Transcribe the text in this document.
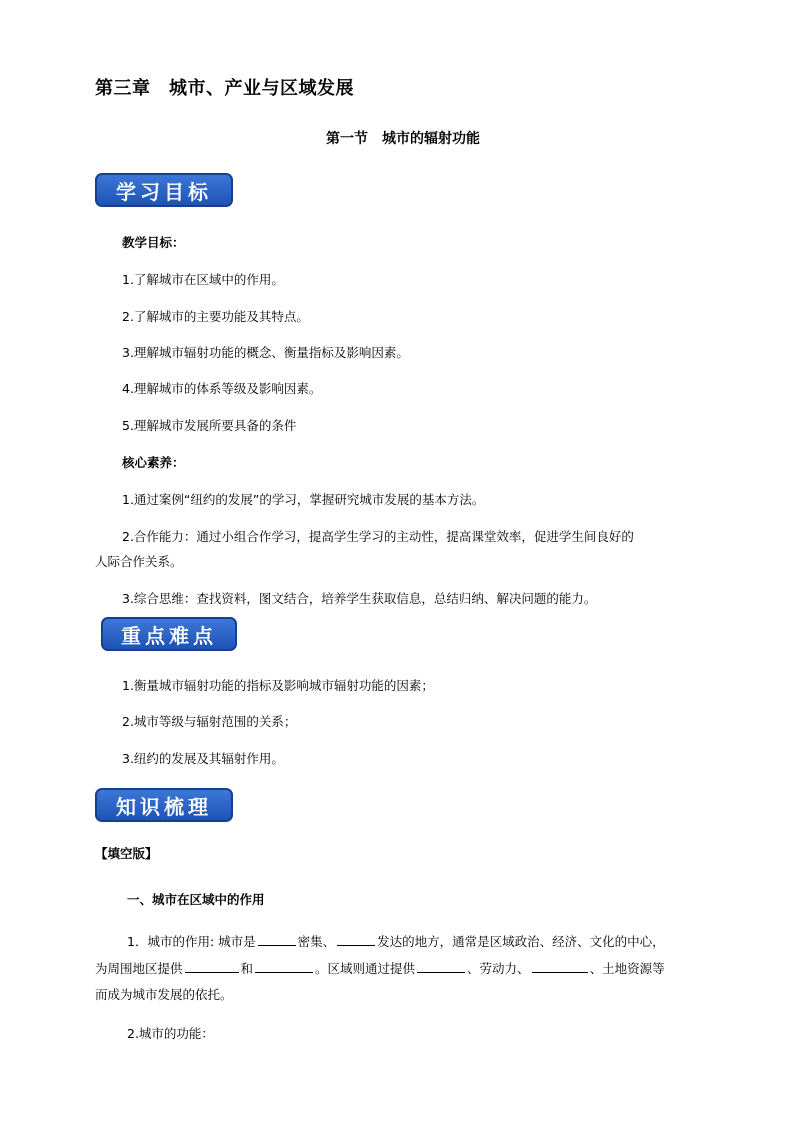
第三章　城市、产业与区域发展
第一节　城市的辐射功能
学习目标
教学目标：
1.了解城市在区域中的作用。
2.了解城市的主要功能及其特点。
3.理解城市辐射功能的概念、衡量指标及影响因素。
4.理解城市的体系等级及影响因素。
5.理解城市发展所要具备的条件
核心素养：
1.通过案例“纽约的发展”的学习，掌握研究城市发展的基本方法。
2.合作能力：通过小组合作学习，提高学生学习的主动性，提高课堂效率，促进学生间良好的
人际合作关系。
3.综合思维：查找资料，图文结合，培养学生获取信息，总结归纳、解决问题的能力。
重点难点
1.衡量城市辐射功能的指标及影响城市辐射功能的因素；
2.城市等级与辐射范围的关系；
3.纽约的发展及其辐射作用。
知识梳理
【填空版】
一、城市在区域中的作用
1．城市的作用: 城市是	密集、	发达的地方，通常是区域政治、经济、文化的中心，
为周围地区提供	和	。区域则通过提供	、劳动力、	、土地资源等
而成为城市发展的依托。
2.城市的功能：
